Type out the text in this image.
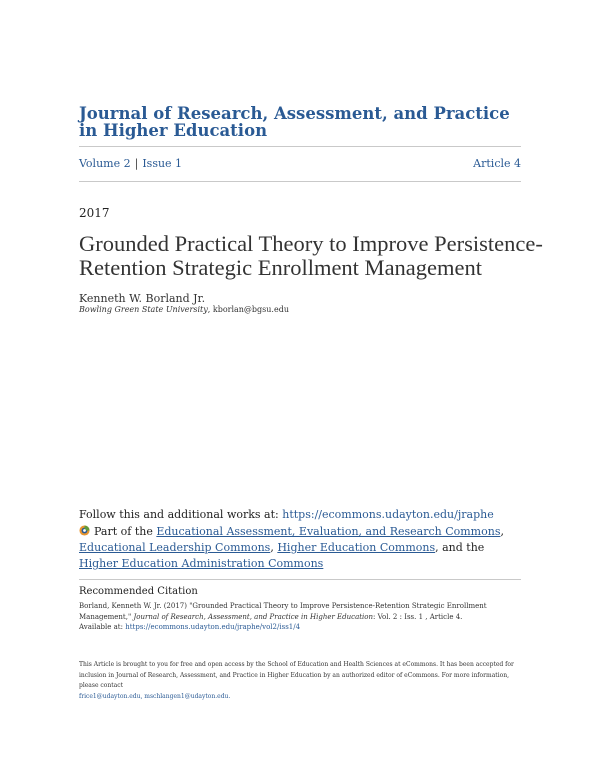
Journal of Research, Assessment, and Practice in Higher Education
Volume 2 | Issue 1	Article 4
2017
Grounded Practical Theory to Improve Persistence-Retention Strategic Enrollment Management
Kenneth W. Borland Jr.
Bowling Green State University, kborlan@bgsu.edu
Follow this and additional works at: https://ecommons.udayton.edu/jraphe
Part of the Educational Assessment, Evaluation, and Research Commons, Educational Leadership Commons, Higher Education Commons, and the Higher Education Administration Commons
Recommended Citation
Borland, Kenneth W. Jr. (2017) "Grounded Practical Theory to Improve Persistence-Retention Strategic Enrollment Management," Journal of Research, Assessment, and Practice in Higher Education: Vol. 2 : Iss. 1 , Article 4.
Available at: https://ecommons.udayton.edu/jraphe/vol2/iss1/4
This Article is brought to you for free and open access by the School of Education and Health Sciences at eCommons. It has been accepted for inclusion in Journal of Research, Assessment, and Practice in Higher Education by an authorized editor of eCommons. For more information, please contact
frice1@udayton.edu, mschlangen1@udayton.edu.
